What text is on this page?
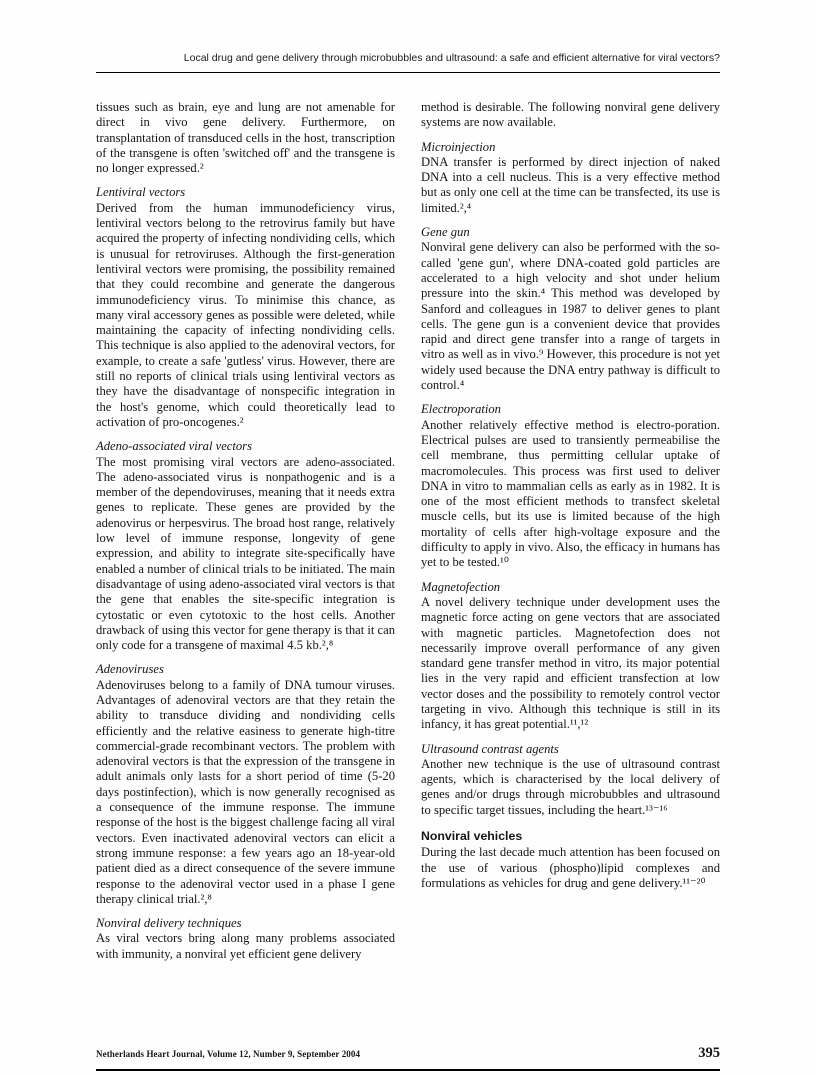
Local drug and gene delivery through microbubbles and ultrasound: a safe and efficient alternative for viral vectors?

tissues such as brain, eye and lung are not amenable for direct in vivo gene delivery. Furthermore, on transplantation of transduced cells in the host, transcription of the transgene is often 'switched off' and the transgene is no longer expressed.²

Lentiviral vectors

Derived from the human immunodeficiency virus, lentiviral vectors belong to the retrovirus family but have acquired the property of infecting nondividing cells, which is unusual for retroviruses. Although the first-generation lentiviral vectors were promising, the possibility remained that they could recombine and generate the dangerous immunodeficiency virus. To minimise this chance, as many viral accessory genes as possible were deleted, while maintaining the capacity of infecting nondividing cells. This technique is also applied to the adenoviral vectors, for example, to create a safe 'gutless' virus. However, there are still no reports of clinical trials using lentiviral vectors as they have the disadvantage of nonspecific integration in the host's genome, which could theoretically lead to activation of pro-oncogenes.²

Adeno-associated viral vectors

The most promising viral vectors are adeno-associated. The adeno-associated virus is nonpathogenic and is a member of the dependoviruses, meaning that it needs extra genes to replicate. These genes are provided by the adenovirus or herpesvirus. The broad host range, relatively low level of immune response, longevity of gene expression, and ability to integrate site-specifically have enabled a number of clinical trials to be initiated. The main disadvantage of using adeno-associated viral vectors is that the gene that enables the site-specific integration is cytostatic or even cytotoxic to the host cells. Another drawback of using this vector for gene therapy is that it can only code for a transgene of maximal 4.5 kb.²,⁸

Adenoviruses

Adenoviruses belong to a family of DNA tumour viruses. Advantages of adenoviral vectors are that they retain the ability to transduce dividing and nondividing cells efficiently and the relative easiness to generate high-titre commercial-grade recombinant vectors. The problem with adenoviral vectors is that the expression of the transgene in adult animals only lasts for a short period of time (5-20 days postinfection), which is now generally recognised as a consequence of the immune response. The immune response of the host is the biggest challenge facing all viral vectors. Even inactivated adenoviral vectors can elicit a strong immune response: a few years ago an 18-year-old patient died as a direct consequence of the severe immune response to the adenoviral vector used in a phase I gene therapy clinical trial.²,⁸

Nonviral delivery techniques

As viral vectors bring along many problems associated with immunity, a nonviral yet efficient gene delivery

method is desirable. The following nonviral gene delivery systems are now available.

Microinjection

DNA transfer is performed by direct injection of naked DNA into a cell nucleus. This is a very effective method but as only one cell at the time can be transfected, its use is limited.²,⁴

Gene gun

Nonviral gene delivery can also be performed with the so-called 'gene gun', where DNA-coated gold particles are accelerated to a high velocity and shot under helium pressure into the skin.⁴ This method was developed by Sanford and colleagues in 1987 to deliver genes to plant cells. The gene gun is a convenient device that provides rapid and direct gene transfer into a range of targets in vitro as well as in vivo.⁹ However, this procedure is not yet widely used because the DNA entry pathway is difficult to control.⁴

Electroporation

Another relatively effective method is electro-poration. Electrical pulses are used to transiently permeabilise the cell membrane, thus permitting cellular uptake of macromolecules. This process was first used to deliver DNA in vitro to mammalian cells as early as in 1982. It is one of the most efficient methods to transfect skeletal muscle cells, but its use is limited because of the high mortality of cells after high-voltage exposure and the difficulty to apply in vivo. Also, the efficacy in humans has yet to be tested.¹⁰

Magnetofection

A novel delivery technique under development uses the magnetic force acting on gene vectors that are associated with magnetic particles. Magnetofection does not necessarily improve overall performance of any given standard gene transfer method in vitro, its major potential lies in the very rapid and efficient transfection at low vector doses and the possibility to remotely control vector targeting in vivo. Although this technique is still in its infancy, it has great potential.¹¹,¹²

Ultrasound contrast agents

Another new technique is the use of ultrasound contrast agents, which is characterised by the local delivery of genes and/or drugs through microbubbles and ultrasound to specific target tissues, including the heart.¹³⁻¹⁶

Nonviral vehicles

During the last decade much attention has been focused on the use of various (phospho)lipid complexes and formulations as vehicles for drug and gene delivery.¹¹⁻²⁰

Netherlands Heart Journal, Volume 12, Number 9, September 2004	395
